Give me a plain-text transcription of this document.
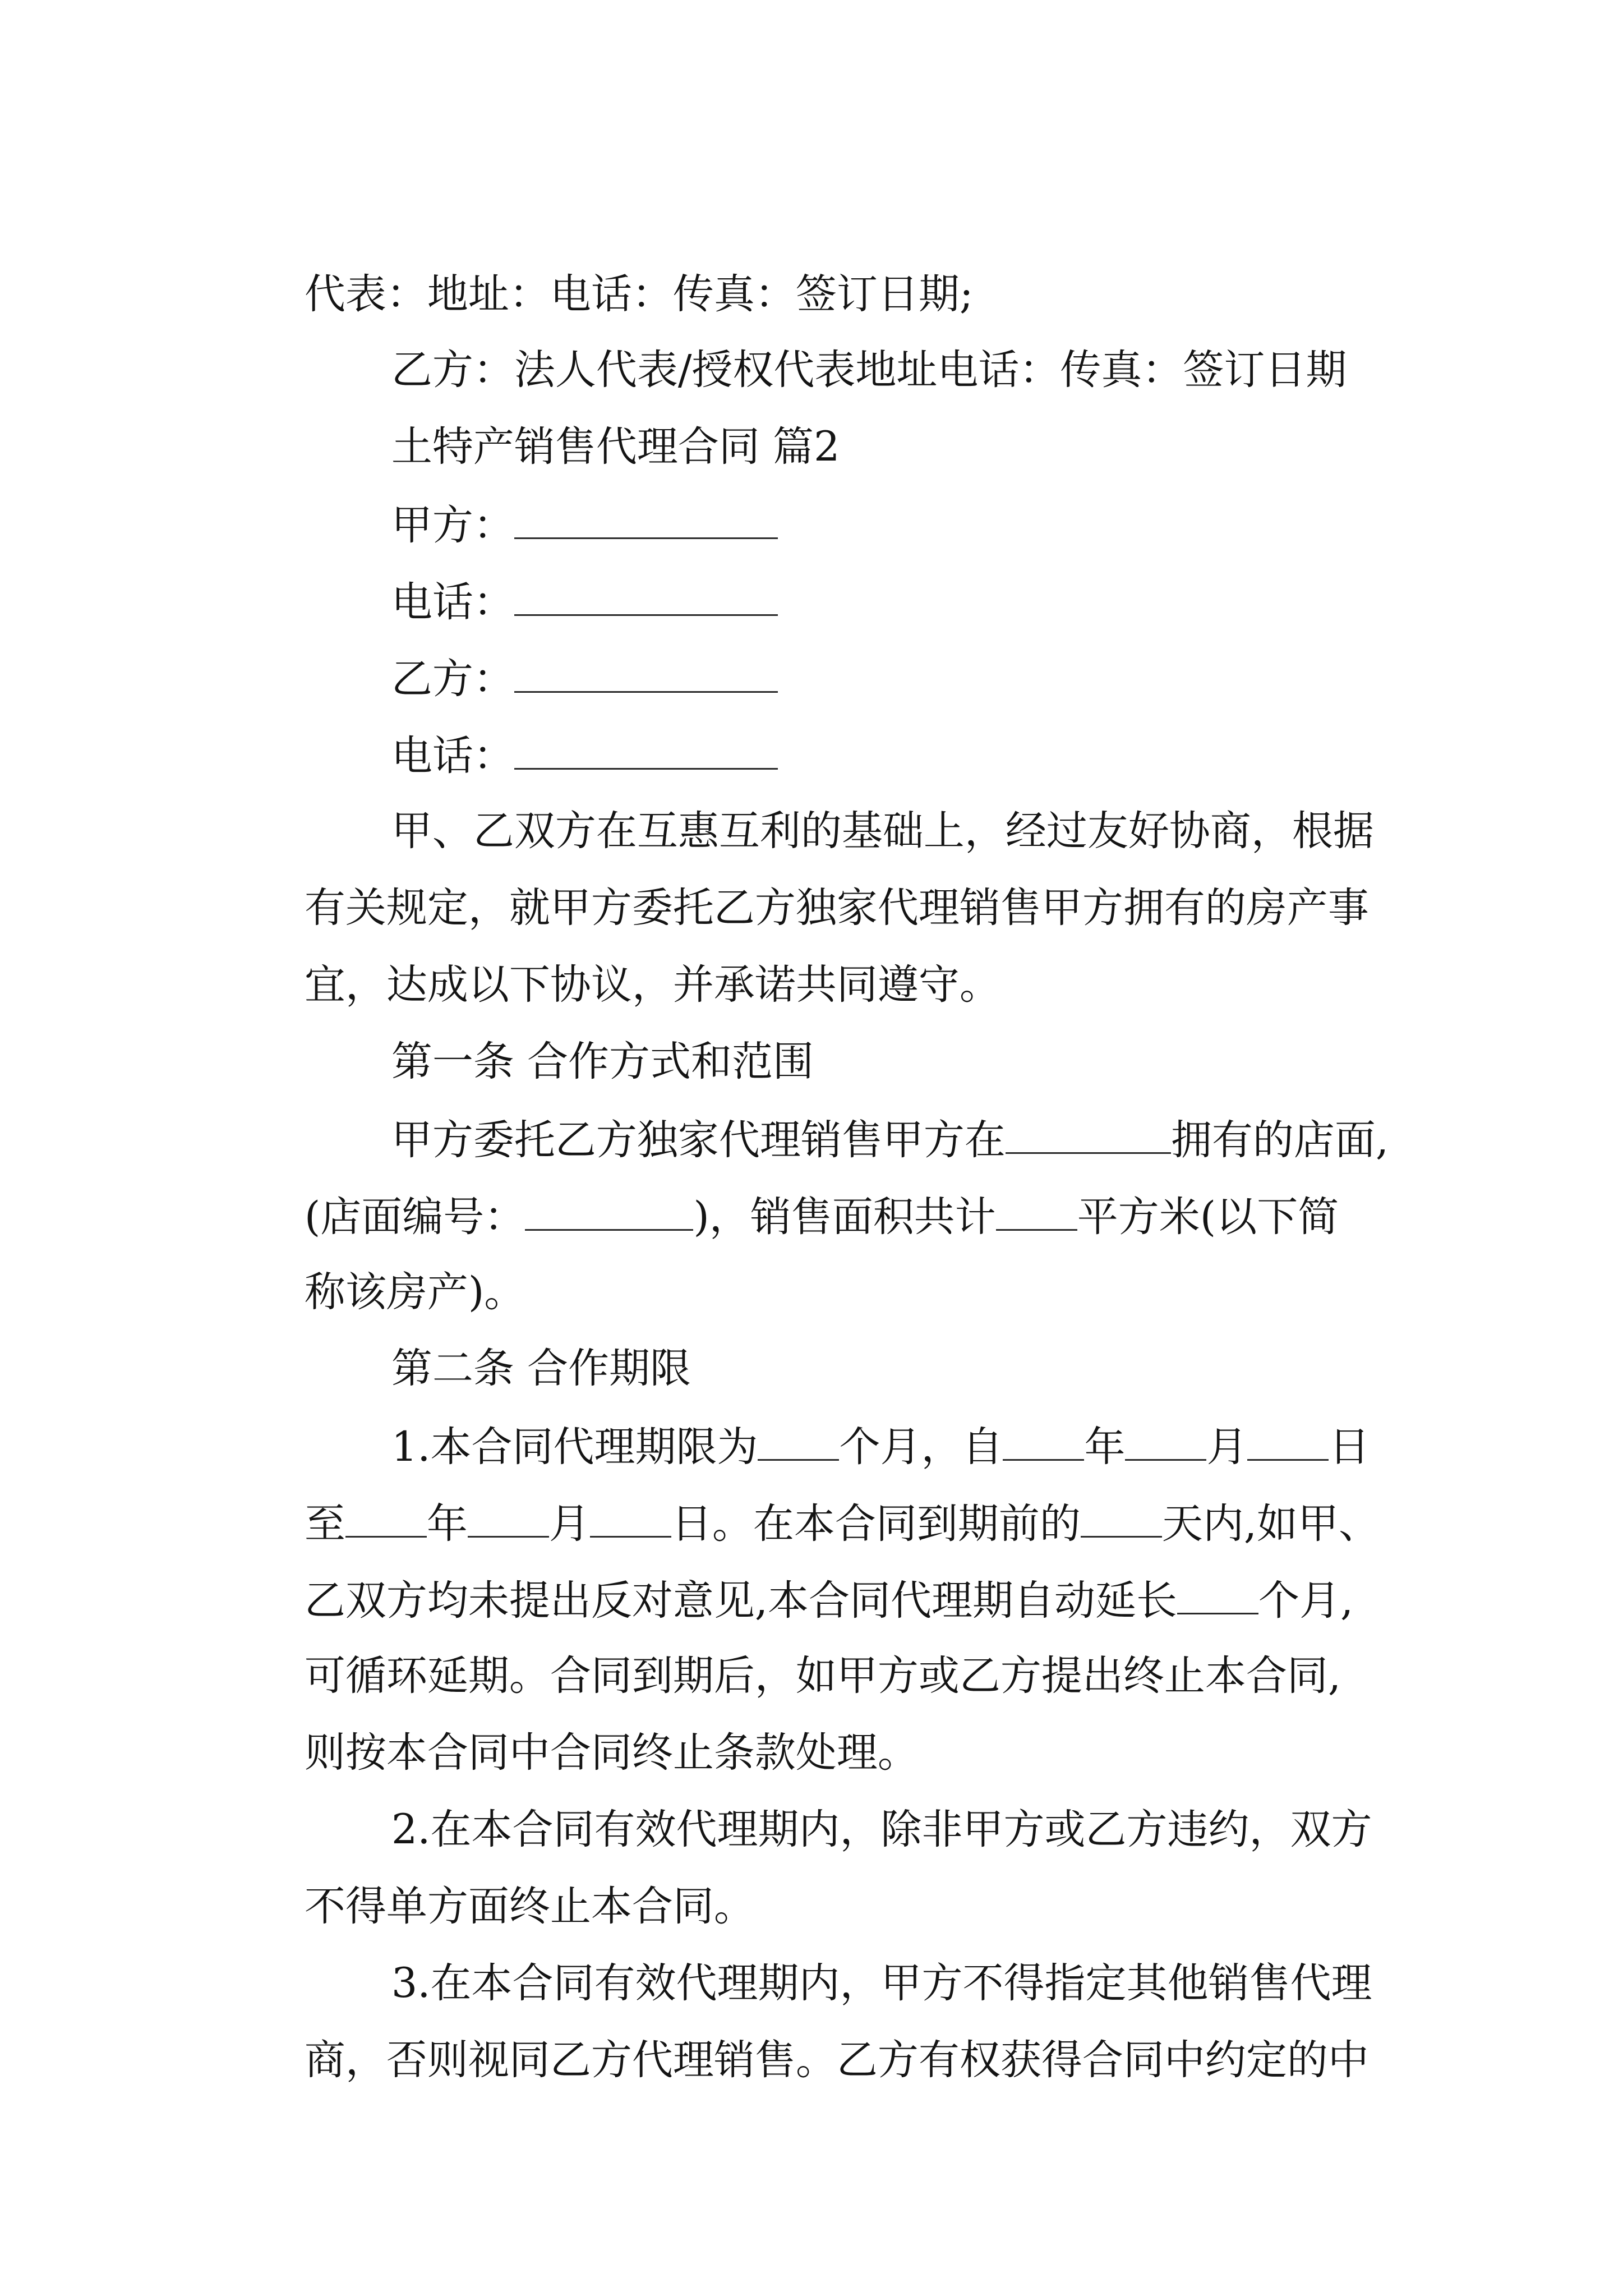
代表：地址：电话：传真：签订日期;

乙方：法人代表/授权代表地址电话：传真：签订日期

土特产销售代理合同 篇2

甲方：

电话：

乙方：

电话：

甲、乙双方在互惠互利的基础上，经过友好协商，根据

有关规定，就甲方委托乙方独家代理销售甲方拥有的房产事

宜，达成以下协议，并承诺共同遵守。

第一条 合作方式和范围

甲方委托乙方独家代理销售甲方在	拥有的店面,

(店面编号：	)，销售面积共计 平方米(以下简

称该房产)。

第二条 合作期限

1.本合同代理期限为 个月，自 年 月 日

至 年 月 日。在本合同到期前的 天内,如甲、

乙双方均未提出反对意见,本合同代理期自动延长 个月,

可循环延期。合同到期后，如甲方或乙方提出终止本合同,

则按本合同中合同终止条款处理。

2.在本合同有效代理期内，除非甲方或乙方违约，双方

不得单方面终止本合同。

3.在本合同有效代理期内，甲方不得指定其他销售代理

商，否则视同乙方代理销售。乙方有权获得合同中约定的中
